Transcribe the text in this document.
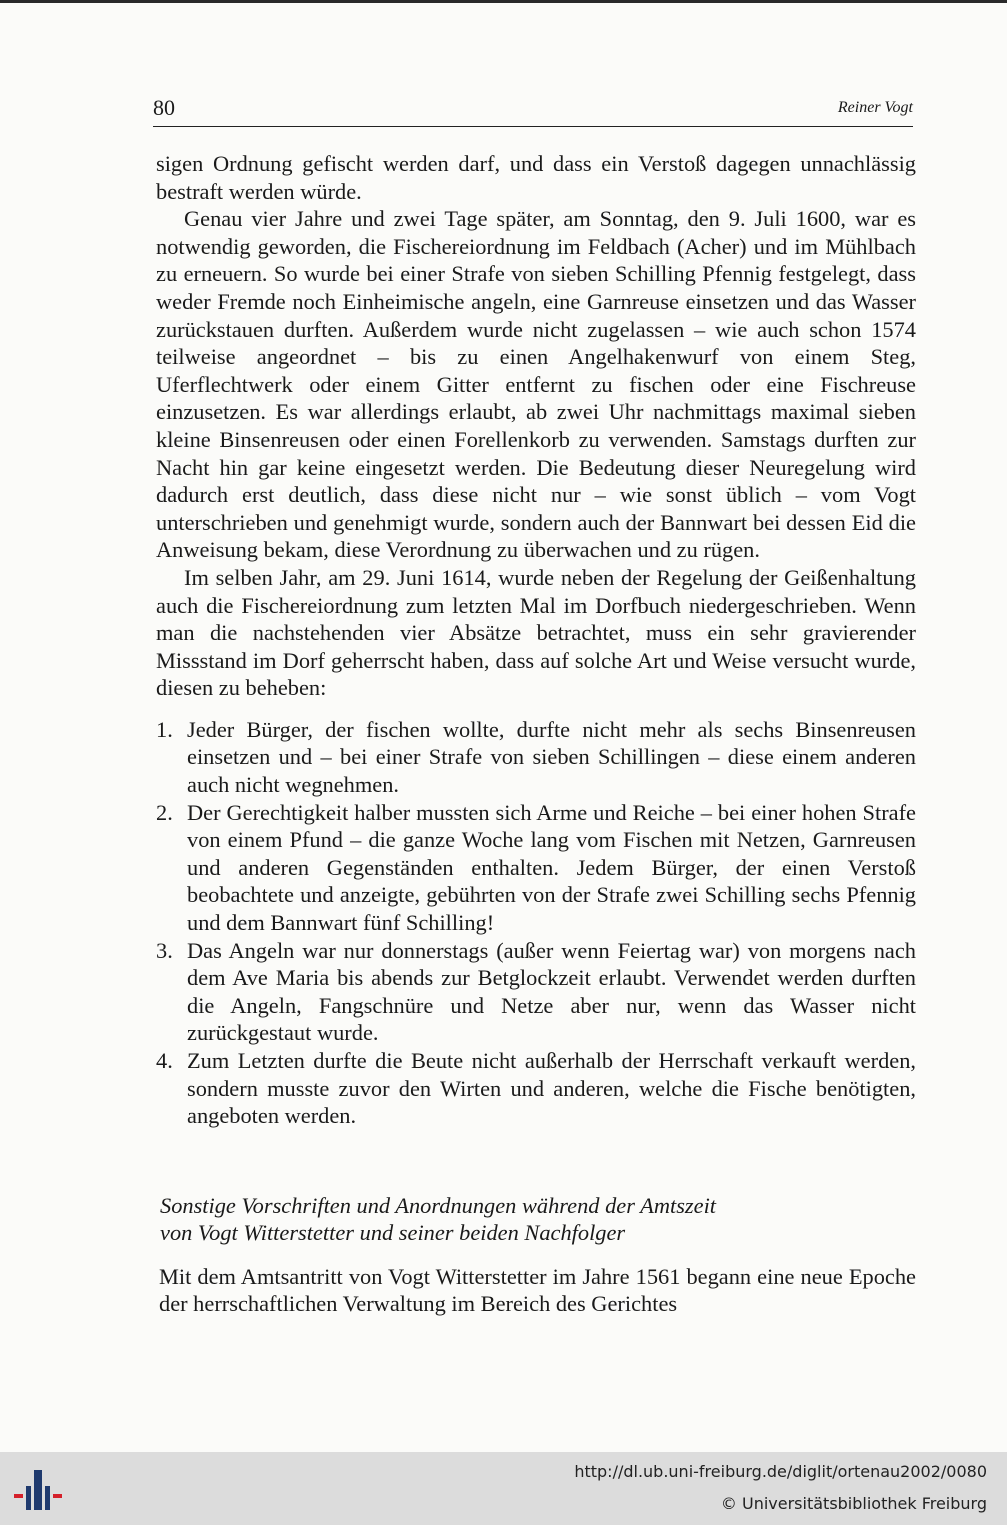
80	Reiner Vogt

sigen Ordnung gefischt werden darf, und dass ein Verstoß dagegen unnachlässig bestraft werden würde.

Genau vier Jahre und zwei Tage später, am Sonntag, den 9. Juli 1600, war es notwendig geworden, die Fischereiordnung im Feldbach (Acher) und im Mühlbach zu erneuern. So wurde bei einer Strafe von sieben Schilling Pfennig festgelegt, dass weder Fremde noch Einheimische angeln, eine Garnreuse einsetzen und das Wasser zurückstauen durften. Außerdem wurde nicht zugelassen – wie auch schon 1574 teilweise angeordnet – bis zu einen Angelhakenwurf von einem Steg, Uferflechtwerk oder einem Gitter entfernt zu fischen oder eine Fischreuse einzusetzen. Es war allerdings erlaubt, ab zwei Uhr nachmittags maximal sieben kleine Binsenreusen oder einen Forellenkorb zu verwenden. Samstags durften zur Nacht hin gar keine eingesetzt werden. Die Bedeutung dieser Neuregelung wird dadurch erst deutlich, dass diese nicht nur – wie sonst üblich – vom Vogt unterschrieben und genehmigt wurde, sondern auch der Bannwart bei dessen Eid die Anweisung bekam, diese Verordnung zu überwachen und zu rügen.

Im selben Jahr, am 29. Juni 1614, wurde neben der Regelung der Geißenhaltung auch die Fischereiordnung zum letzten Mal im Dorfbuch niedergeschrieben. Wenn man die nachstehenden vier Absätze betrachtet, muss ein sehr gravierender Missstand im Dorf geherrscht haben, dass auf solche Art und Weise versucht wurde, diesen zu beheben:

1. Jeder Bürger, der fischen wollte, durfte nicht mehr als sechs Binsenreusen einsetzen und – bei einer Strafe von sieben Schillingen – diese einem anderen auch nicht wegnehmen.
2. Der Gerechtigkeit halber mussten sich Arme und Reiche – bei einer hohen Strafe von einem Pfund – die ganze Woche lang vom Fischen mit Netzen, Garnreusen und anderen Gegenständen enthalten. Jedem Bürger, der einen Verstoß beobachtete und anzeigte, gebührten von der Strafe zwei Schilling sechs Pfennig und dem Bannwart fünf Schilling!
3. Das Angeln war nur donnerstags (außer wenn Feiertag war) von morgens nach dem Ave Maria bis abends zur Betglockzeit erlaubt. Verwendet werden durften die Angeln, Fangschnüre und Netze aber nur, wenn das Wasser nicht zurückgestaut wurde.
4. Zum Letzten durfte die Beute nicht außerhalb der Herrschaft verkauft werden, sondern musste zuvor den Wirten und anderen, welche die Fische benötigten, angeboten werden.
Sonstige Vorschriften und Anordnungen während der Amtszeit
von Vogt Witterstetter und seiner beiden Nachfolger

Mit dem Amtsantritt von Vogt Witterstetter im Jahre 1561 begann eine neue Epoche der herrschaftlichen Verwaltung im Bereich des Gerichtes

http://dl.ub.uni-freiburg.de/diglit/ortenau2002/0080
© Universitätsbibliothek Freiburg
